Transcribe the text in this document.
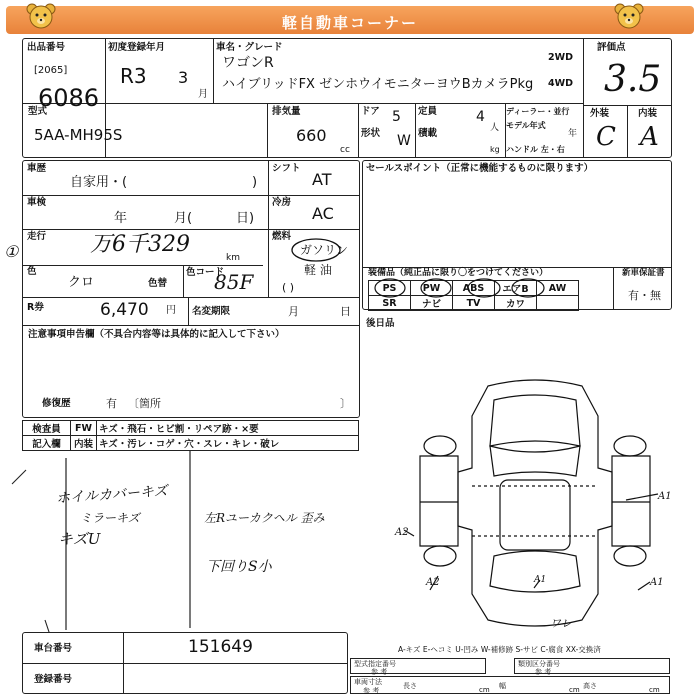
軽自動車コーナー
出品番号
[2065]
6086
初度登録年月
R3 3
月
車名・グレード
ワゴンR
ハイブリッドFX ゼンホウイモニターヨウBカメラPkg
2WD
4WD
評価点
3.5
型式
5AA-MH95S
排気量
660
cc
ドア 5
形状 W
定員	4
人
積載
kg
ディーラー・並行
モデル年式
年
ハンドル 左・右
外装
C
内装
A
車歴
自家用・(	)
車検
年	月(	日)
シフト
AT
冷房
AC
走行
①	万6千329
km
燃料
ガソリン
軽 油
( )
色
クロ	色替
色コード
85F
R券	6,470 円 名変期限	月	日
注意事項申告欄（不具合内容等は具体的に記入して下さい）
修復歴	有 〔箇所	〕
セールスポイント（正常に機能するものに限ります）
装備品（純正品に限り〇をつけてください）
PS	PW	ABS	エアB	AW
SR	ナビ	TV	カワ	
新車保証書
有・無
後日品
検査員	FW	キズ・飛石・ヒビ割・リペア跡・×要
記入欄	内装	キズ・汚レ・コゲ・穴・スレ・キレ・破レ
ホイルカバーキズ
ミラーキズ
キズU
左Rユーカクヘル 歪み
下回りS小
A2
A2
A1
A1
A1
ワレ
A-キズ E-ヘコミ U-凹み W-補修跡 S-サビ C-腐食 XX-交換済
車台番号	151649
登録番号
型式指定番号
参 考
類別区分番号
参 考
車両寸法
参 考
長さ	cm 幅	cm 高さ	cm
